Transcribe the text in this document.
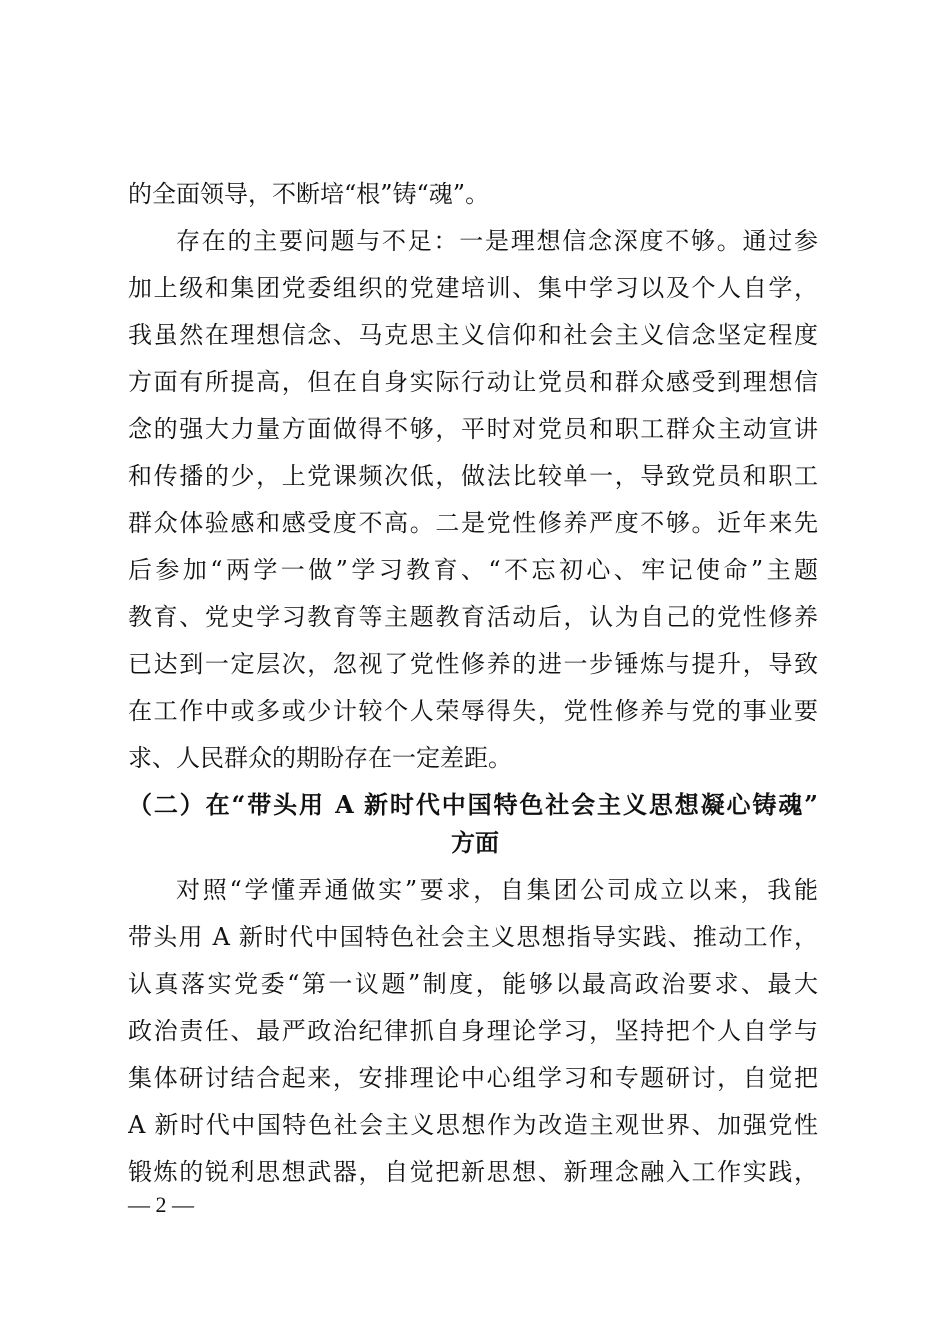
的全面领导，不断培“根”铸“魂”。
存在的主要问题与不足：一是理想信念深度不够。通过参
加上级和集团党委组织的党建培训、集中学习以及个人自学，
我虽然在理想信念、马克思主义信仰和社会主义信念坚定程度
方面有所提高，但在自身实际行动让党员和群众感受到理想信
念的强大力量方面做得不够，平时对党员和职工群众主动宣讲
和传播的少，上党课频次低，做法比较单一，导致党员和职工
群众体验感和感受度不高。二是党性修养严度不够。近年来先
后参加“两学一做”学习教育、“不忘初心、牢记使命”主题
教育、党史学习教育等主题教育活动后，认为自己的党性修养
已达到一定层次，忽视了党性修养的进一步锤炼与提升，导致
在工作中或多或少计较个人荣辱得失，党性修养与党的事业要
求、人民群众的期盼存在一定差距。
（二）在“带头用 A 新时代中国特色社会主义思想凝心铸魂”
方面
对照“学懂弄通做实”要求，自集团公司成立以来，我能
带头用 A 新时代中国特色社会主义思想指导实践、推动工作，
认真落实党委“第一议题”制度，能够以最高政治要求、最大
政治责任、最严政治纪律抓自身理论学习，坚持把个人自学与
集体研讨结合起来，安排理论中心组学习和专题研讨，自觉把
A 新时代中国特色社会主义思想作为改造主观世界、加强党性
锻炼的锐利思想武器，自觉把新思想、新理念融入工作实践，
— 2 —
